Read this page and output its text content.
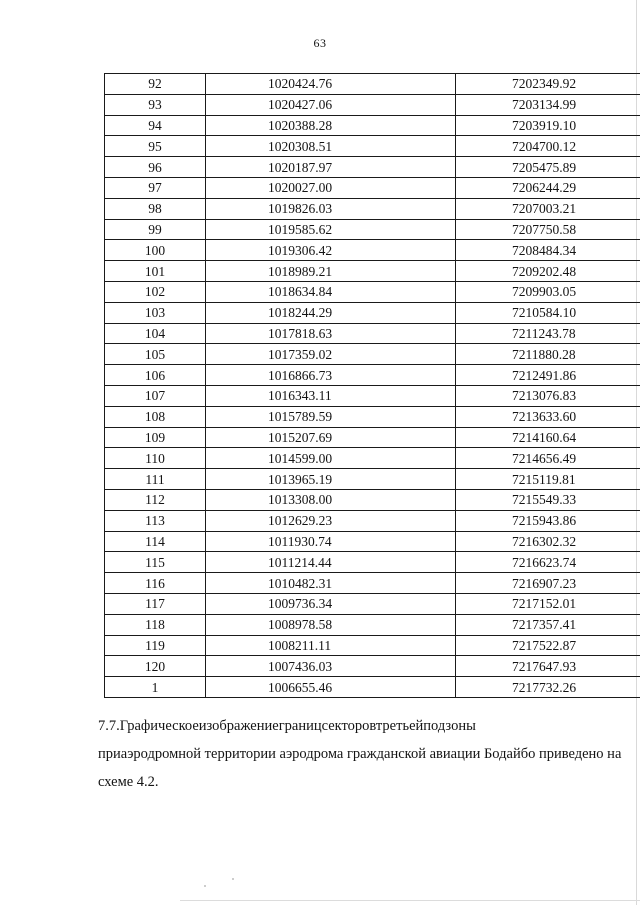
63
92	1020424.76	7202349.92
93	1020427.06	7203134.99
94	1020388.28	7203919.10
95	1020308.51	7204700.12
96	1020187.97	7205475.89
97	1020027.00	7206244.29
98	1019826.03	7207003.21
99	1019585.62	7207750.58
100	1019306.42	7208484.34
101	1018989.21	7209202.48
102	1018634.84	7209903.05
103	1018244.29	7210584.10
104	1017818.63	7211243.78
105	1017359.02	7211880.28
106	1016866.73	7212491.86
107	1016343.11	7213076.83
108	1015789.59	7213633.60
109	1015207.69	7214160.64
110	1014599.00	7214656.49
111	1013965.19	7215119.81
112	1013308.00	7215549.33
113	1012629.23	7215943.86
114	1011930.74	7216302.32
115	1011214.44	7216623.74
116	1010482.31	7216907.23
117	1009736.34	7217152.01
118	1008978.58	7217357.41
119	1008211.11	7217522.87
120	1007436.03	7217647.93
1	1006655.46	7217732.26
7.7.Графическоеизображениеграницсекторовтретьейподзоны
приаэродромной территории аэродрома гражданской авиации Бодайбо приведено на
схеме 4.2.
